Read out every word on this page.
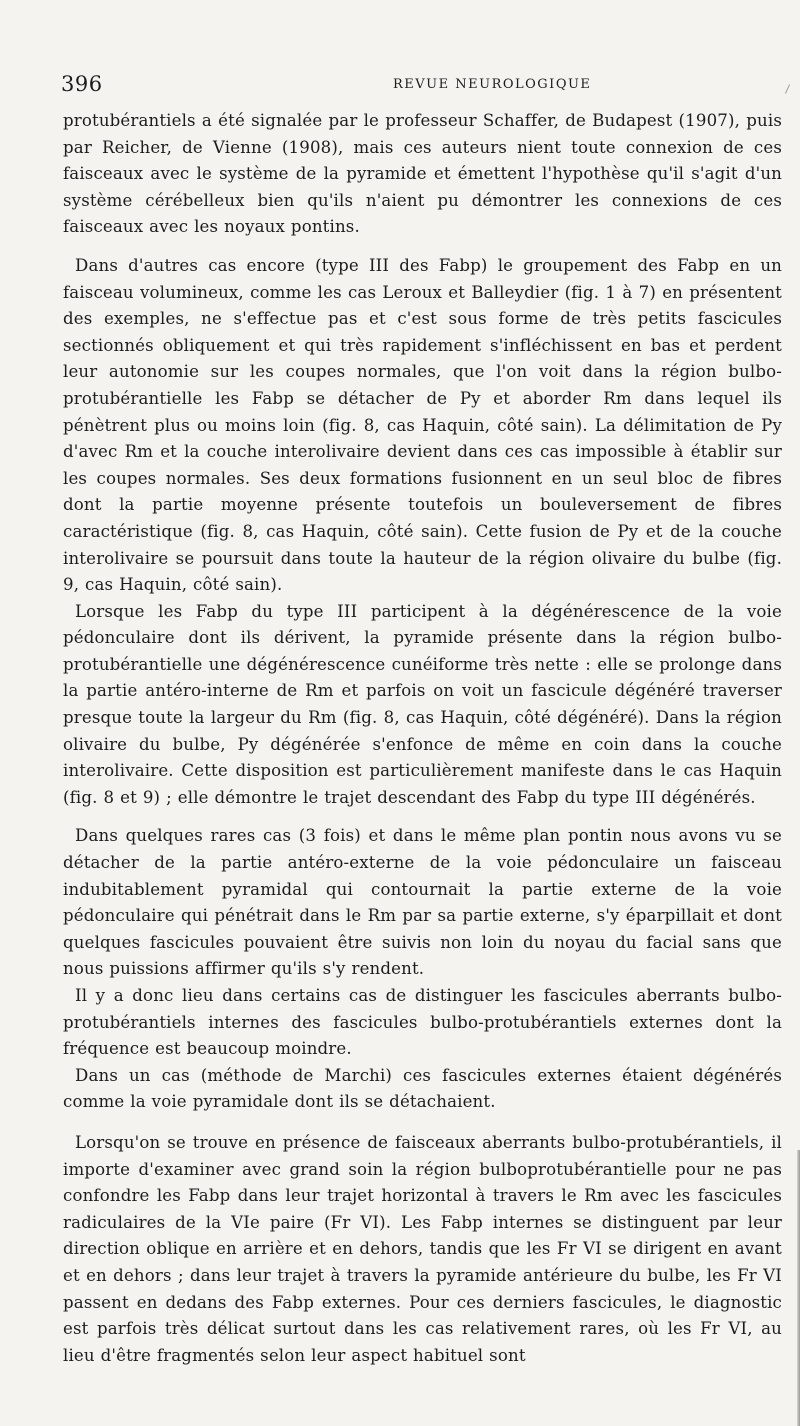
396	REVUE NEUROLOGIQUE

protubérantiels a été signalée par le professeur Schaffer, de Budapest (1907), puis par Reicher, de Vienne (1908), mais ces auteurs nient toute connexion de ces faisceaux avec le système de la pyramide et émettent l'hypothèse qu'il s'agit d'un système cérébelleux bien qu'ils n'aient pu démontrer les connexions de ces faisceaux avec les noyaux pontins.

Dans d'autres cas encore (type III des Fabp) le groupement des Fabp en un faisceau volumineux, comme les cas Leroux et Balleydier (fig. 1 à 7) en présentent des exemples, ne s'effectue pas et c'est sous forme de très petits fascicules sectionnés obliquement et qui très rapidement s'infléchissent en bas et perdent leur autonomie sur les coupes normales, que l'on voit dans la région bulbo-protubérantielle les Fabp se détacher de Py et aborder Rm dans lequel ils pénètrent plus ou moins loin (fig. 8, cas Haquin, côté sain). La délimitation de Py d'avec Rm et la couche interolivaire devient dans ces cas impossible à établir sur les coupes normales. Ses deux formations fusionnent en un seul bloc de fibres dont la partie moyenne présente toutefois un bouleversement de fibres caractéristique (fig. 8, cas Haquin, côté sain). Cette fusion de Py et de la couche interolivaire se poursuit dans toute la hauteur de la région olivaire du bulbe (fig. 9, cas Haquin, côté sain).

Lorsque les Fabp du type III participent à la dégénérescence de la voie pédonculaire dont ils dérivent, la pyramide présente dans la région bulbo-protubérantielle une dégénérescence cunéiforme très nette : elle se prolonge dans la partie antéro-interne de Rm et parfois on voit un fascicule dégénéré traverser presque toute la largeur du Rm (fig. 8, cas Haquin, côté dégénéré). Dans la région olivaire du bulbe, Py dégénérée s'enfonce de même en coin dans la couche interolivaire. Cette disposition est particulièrement manifeste dans le cas Haquin (fig. 8 et 9) ; elle démontre le trajet descendant des Fabp du type III dégénérés.

Dans quelques rares cas (3 fois) et dans le même plan pontin nous avons vu se détacher de la partie antéro-externe de la voie pédonculaire un faisceau indubitablement pyramidal qui contournait la partie externe de la voie pédonculaire qui pénétrait dans le Rm par sa partie externe, s'y éparpillait et dont quelques fascicules pouvaient être suivis non loin du noyau du facial sans que nous puissions affirmer qu'ils s'y rendent.

Il y a donc lieu dans certains cas de distinguer les fascicules aberrants bulbo-protubérantiels internes des fascicules bulbo-protubérantiels externes dont la fréquence est beaucoup moindre.

Dans un cas (méthode de Marchi) ces fascicules externes étaient dégénérés comme la voie pyramidale dont ils se détachaient.

Lorsqu'on se trouve en présence de faisceaux aberrants bulbo-protubérantiels, il importe d'examiner avec grand soin la région bulboprotubérantielle pour ne pas confondre les Fabp dans leur trajet horizontal à travers le Rm avec les fascicules radiculaires de la VIe paire (Fr VI). Les Fabp internes se distinguent par leur direction oblique en arrière et en dehors, tandis que les Fr VI se dirigent en avant et en dehors ; dans leur trajet à travers la pyramide antérieure du bulbe, les Fr VI passent en dedans des Fabp externes. Pour ces derniers fascicules, le diagnostic est parfois très délicat surtout dans les cas relativement rares, où les Fr VI, au lieu d'être fragmentés selon leur aspect habituel sont
